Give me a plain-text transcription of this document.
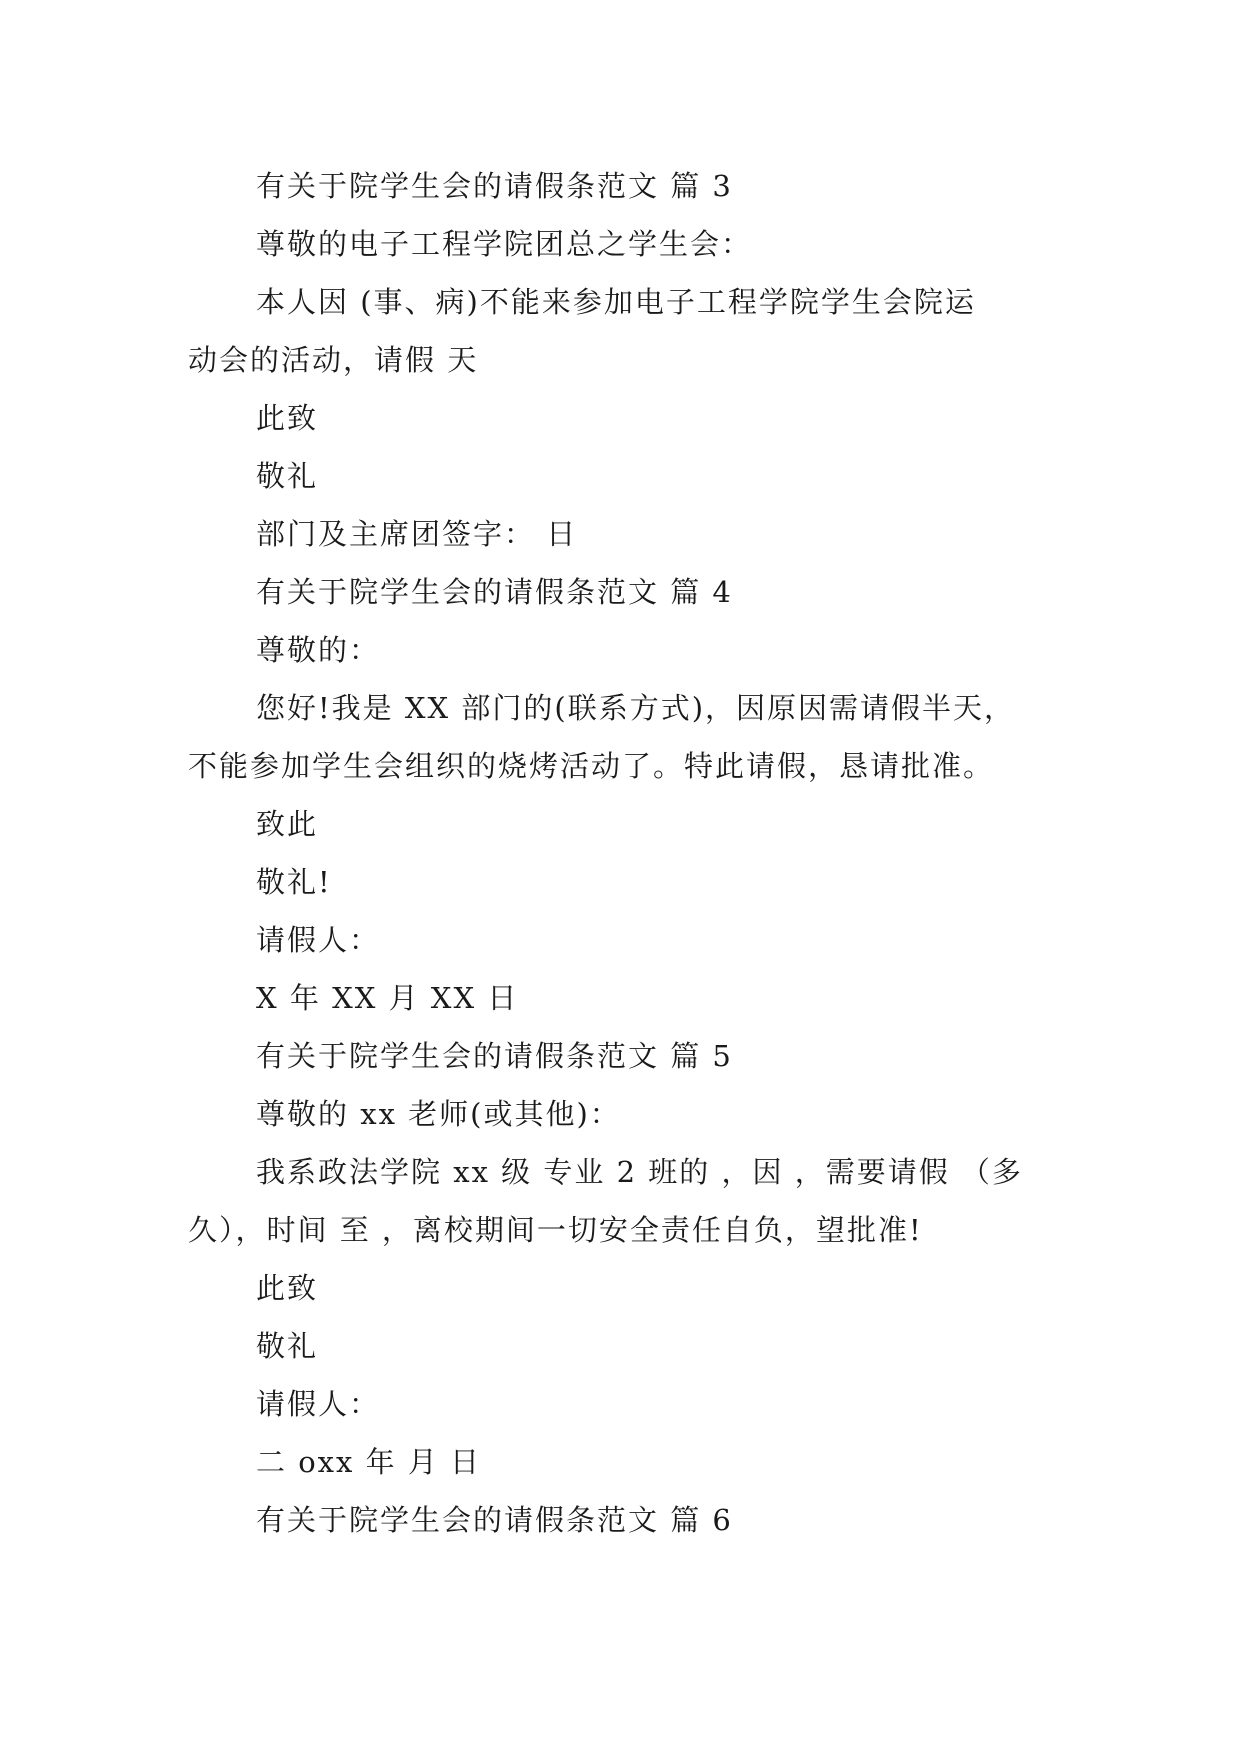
有关于院学生会的请假条范文 篇 3
尊敬的电子工程学院团总之学生会：
本人因 (事、病)不能来参加电子工程学院学生会院运
动会的活动，请假 天
此致
敬礼
部门及主席团签字： 日
有关于院学生会的请假条范文 篇 4
尊敬的：
您好!我是 XX 部门的(联系方式)，因原因需请假半天，
不能参加学生会组织的烧烤活动了。特此请假，恳请批准。
致此
敬礼!
请假人：
X 年 XX 月 XX 日
有关于院学生会的请假条范文 篇 5
尊敬的 xx 老师(或其他)：
我系政法学院 xx 级 专业 2 班的 ，因 ，需要请假 （多
久），时间 至 ，离校期间一切安全责任自负，望批准!
此致
敬礼
请假人：
二 oxx 年 月 日
有关于院学生会的请假条范文 篇 6
